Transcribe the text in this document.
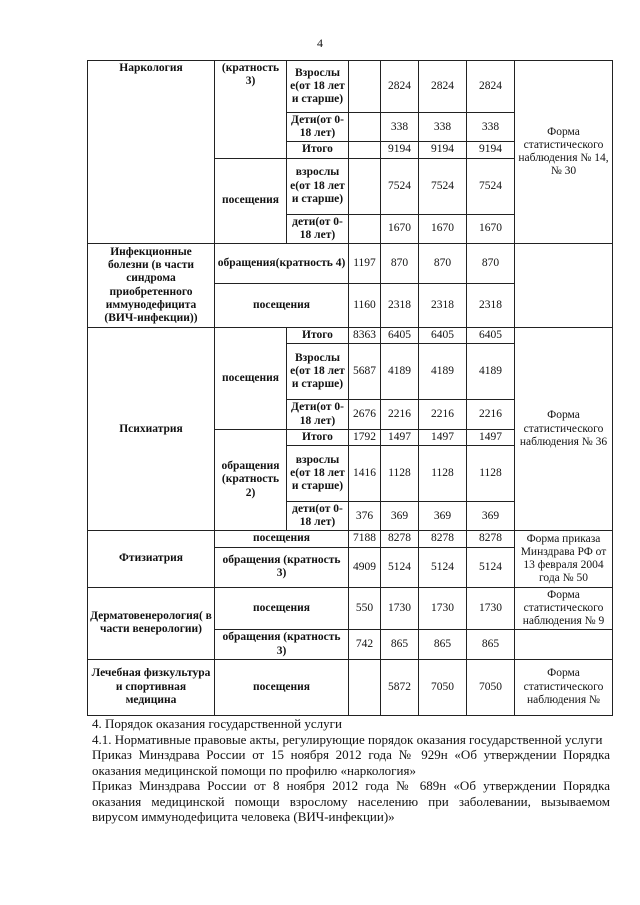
4
Наркология	(кратность 3)	Взрослы е(от 18 лет и старше)		2824	2824	2824	Форма статистического наблюдения № 14, № 30
		Дети(от 0-18 лет)		338	338	338	
		Итого		9194	9194	9194	
	посещения	взрослы е(от 18 лет и старше)		7524	7524	7524	
		дети(от 0-18 лет)		1670	1670	1670	
Инфекционные болезни (в части синдрома приобретенного иммунодефицита (ВИЧ-инфекции))	обращения(кратность 4)		1197	870	870	870	
	посещения		1160	2318	2318	2318	
Психиатрия	посещения	Итого	8363	6405	6405	6405	Форма статистического наблюдения № 36
		Взрослы е(от 18 лет и старше)	5687	4189	4189	4189	
		Дети(от 0-18 лет)	2676	2216	2216	2216	
	обращения (кратность 2)	Итого	1792	1497	1497	1497	
		взрослы е(от 18 лет и старше)	1416	1128	1128	1128	
		дети(от 0-18 лет)	376	369	369	369	
Фтизиатрия	посещения		7188	8278	8278	8278	Форма приказа Минздрава РФ от 13 февраля 2004 года № 50
	обращения (кратность 3)		4909	5124	5124	5124	
Дерматовенерология( в части венерологии)	посещения		550	1730	1730	1730	Форма статистического наблюдения № 9
	обращения (кратность 3)		742	865	865	865	
Лечебная физкультура и спортивная медицина	посещения			5872	7050	7050	Форма статистического наблюдения №

4. Порядок оказания государственной услуги

4.1. Нормативные правовые акты, регулирующие порядок оказания государственной услуги

Приказ Минздрава России от 15 ноября 2012 года № 929н «Об утверждении Порядка оказания медицинской помощи по профилю «наркология»

Приказ Минздрава России от 8 ноября 2012 года № 689н «Об утверждении Порядка оказания медицинской помощи взрослому населению при заболевании, вызываемом вирусом иммунодефицита человека (ВИЧ-инфекции)»
